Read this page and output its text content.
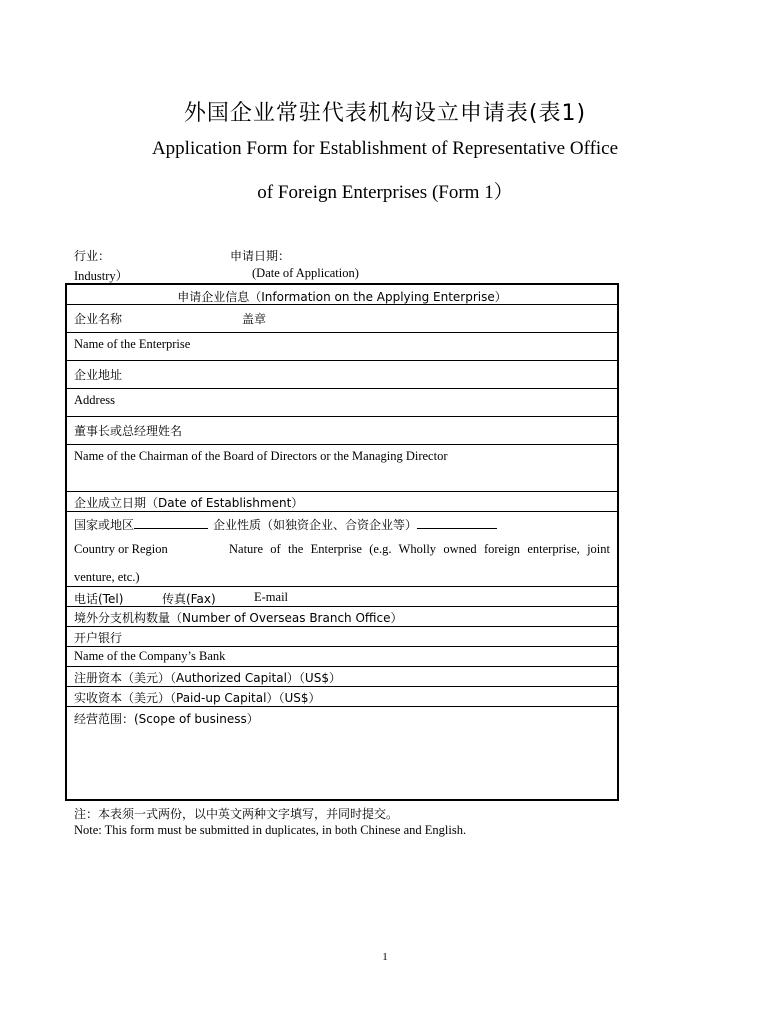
外国企业常驻代表机构设立申请表(表1)
Application Form for Establishment of Representative Office
of Foreign Enterprises (Form 1）
行业：	申请日期：
Industry）	(Date of Application)
申请企业信息（Information on the Applying Enterprise）
企业名称	盖章
Name of the Enterprise
企业地址
Address
董事长或总经理姓名
Name of the Chairman of the Board of Directors or the Managing Director
企业成立日期（Date of Establishment）
国家或地区	企业性质（如独资企业、合资企业等）
Country or Region	Nature of the Enterprise (e.g. Wholly owned foreign enterprise, joint
venture, etc.)
电话(Tel)	传真(Fax)	E-mail
境外分支机构数量（Number of Overseas Branch Office）
开户银行
Name of the Company’s Bank
注册资本（美元）（Authorized Capital）（US$）
实收资本（美元）（Paid-up Capital）（US$）
经营范围：(Scope of business）
注：本表须一式两份，以中英文两种文字填写，并同时提交。
Note: This form must be submitted in duplicates, in both Chinese and English.
1
